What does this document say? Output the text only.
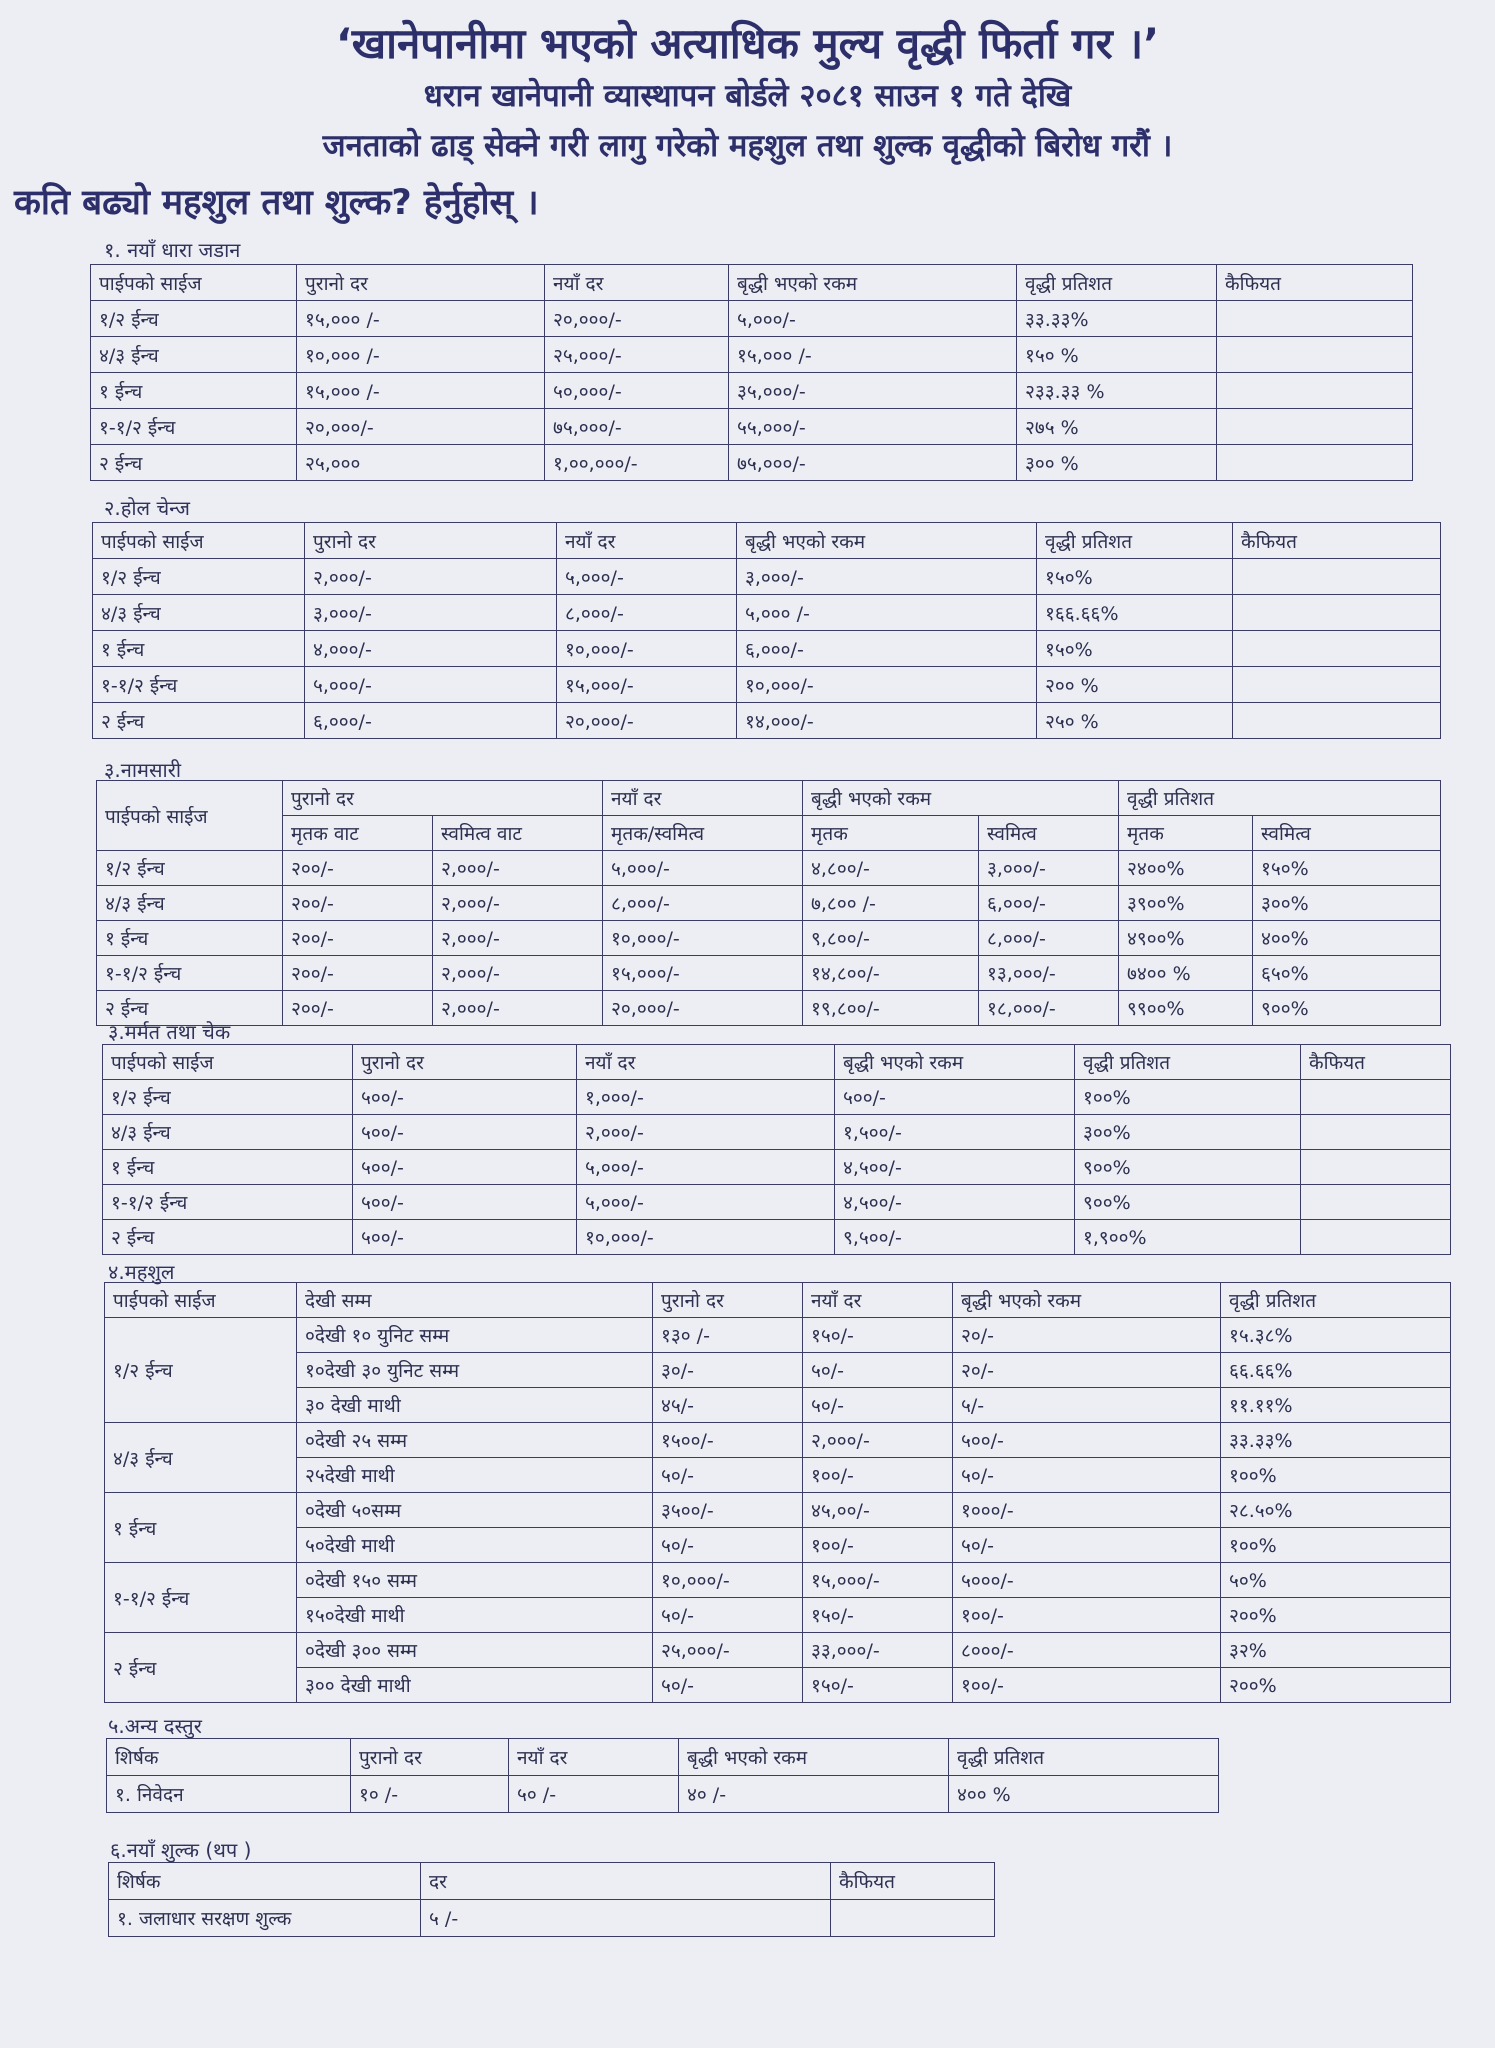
‘खानेपानीमा भएको अत्याधिक मुल्य वृद्धी फिर्ता गर ।’
धरान खानेपानी व्यास्थापन बोर्डले २०८१ साउन १ गते देखि
जनताको ढाड् सेक्ने गरी लागु गरेको महशुल तथा शुल्क वृद्धीको बिरोध गरौं ।
कति बढ्यो महशुल तथा शुल्क? हेर्नुहोस् ।
१. नयाँ धारा जडान
पाईपको साईज	पुरानो दर	नयाँ दर	बृद्धी भएको रकम	वृद्धी प्रतिशत	कैफियत
१/२ ईन्च	१५,००० /-	२०,०००/-	५,०००/-	३३.३३%	
४/३ ईन्च	१०,००० /-	२५,०००/-	१५,००० /-	१५० %	
१ ईन्च	१५,००० /-	५०,०००/-	३५,०००/-	२३३.३३ %	
१-१/२ ईन्च	२०,०००/-	७५,०००/-	५५,०००/-	२७५ %	
२ ईन्च	२५,०००	१,००,०००/-	७५,०००/-	३०० %	
२.होल चेन्ज
पाईपको साईज	पुरानो दर	नयाँ दर	बृद्धी भएको रकम	वृद्धी प्रतिशत	कैफियत
१/२ ईन्च	२,०००/-	५,०००/-	३,०००/-	१५०%	
४/३ ईन्च	३,०००/-	८,०००/-	५,००० /-	१६६.६६%	
१ ईन्च	४,०००/-	१०,०००/-	६,०००/-	१५०%	
१-१/२ ईन्च	५,०००/-	१५,०००/-	१०,०००/-	२०० %	
२ ईन्च	६,०००/-	२०,०००/-	१४,०००/-	२५० %	
३.नामसारी
पाईपको साईज	पुरानो दर		नयाँ दर	बृद्धी भएको रकम		वृद्धी प्रतिशत	
	मृतक वाट	स्वमित्व वाट	मृतक/स्वमित्व	मृतक	स्वमित्व	मृतक	स्वमित्व
१/२ ईन्च	२००/-	२,०००/-	५,०००/-	४,८००/-	३,०००/-	२४००%	१५०%
४/३ ईन्च	२००/-	२,०००/-	८,०००/-	७,८०० /-	६,०००/-	३९००%	३००%
१ ईन्च	२००/-	२,०००/-	१०,०००/-	९,८००/-	८,०००/-	४९००%	४००%
१-१/२ ईन्च	२००/-	२,०००/-	१५,०००/-	१४,८००/-	१३,०००/-	७४०० %	६५०%
२ ईन्च	२००/-	२,०००/-	२०,०००/-	१९,८००/-	१८,०००/-	९९००%	९००%
३.मर्मत तथा चेक
पाईपको साईज	पुरानो दर	नयाँ दर	बृद्धी भएको रकम	वृद्धी प्रतिशत	कैफियत
१/२ ईन्च	५००/-	१,०००/-	५००/-	१००%	
४/३ ईन्च	५००/-	२,०००/-	१,५००/-	३००%	
१ ईन्च	५००/-	५,०००/-	४,५००/-	९००%	
१-१/२ ईन्च	५००/-	५,०००/-	४,५००/-	९००%	
२ ईन्च	५००/-	१०,०००/-	९,५००/-	१,९००%	
४.महशुल
पाईपको साईज	देखी सम्म	पुरानो दर	नयाँ दर	बृद्धी भएको रकम	वृद्धी प्रतिशत
१/२ ईन्च	०देखी १० युनिट सम्म	१३० /-	१५०/-	२०/-	१५.३८%
	१०देखी ३० युनिट सम्म	३०/-	५०/-	२०/-	६६.६६%
	३० देखी माथी	४५/-	५०/-	५/-	११.११%
४/३ ईन्च	०देखी २५ सम्म	१५००/-	२,०००/-	५००/-	३३.३३%
	२५देखी माथी	५०/-	१००/-	५०/-	१००%
१ ईन्च	०देखी ५०सम्म	३५००/-	४५,००/-	१०००/-	२८.५०%
	५०देखी माथी	५०/-	१००/-	५०/-	१००%
१-१/२ ईन्च	०देखी १५० सम्म	१०,०००/-	१५,०००/-	५०००/-	५०%
	१५०देखी माथी	५०/-	१५०/-	१००/-	२००%
२ ईन्च	०देखी ३०० सम्म	२५,०००/-	३३,०००/-	८०००/-	३२%
	३०० देखी माथी	५०/-	१५०/-	१००/-	२००%
५.अन्य दस्तुर
शिर्षक	पुरानो दर	नयाँ दर	बृद्धी भएको रकम	वृद्धी प्रतिशत
१. निवेदन	१० /-	५० /-	४० /-	४०० %
६.नयाँ शुल्क (थप )
शिर्षक	दर	कैफियत
१. जलाधार सरक्षण शुल्क	५ /-	
